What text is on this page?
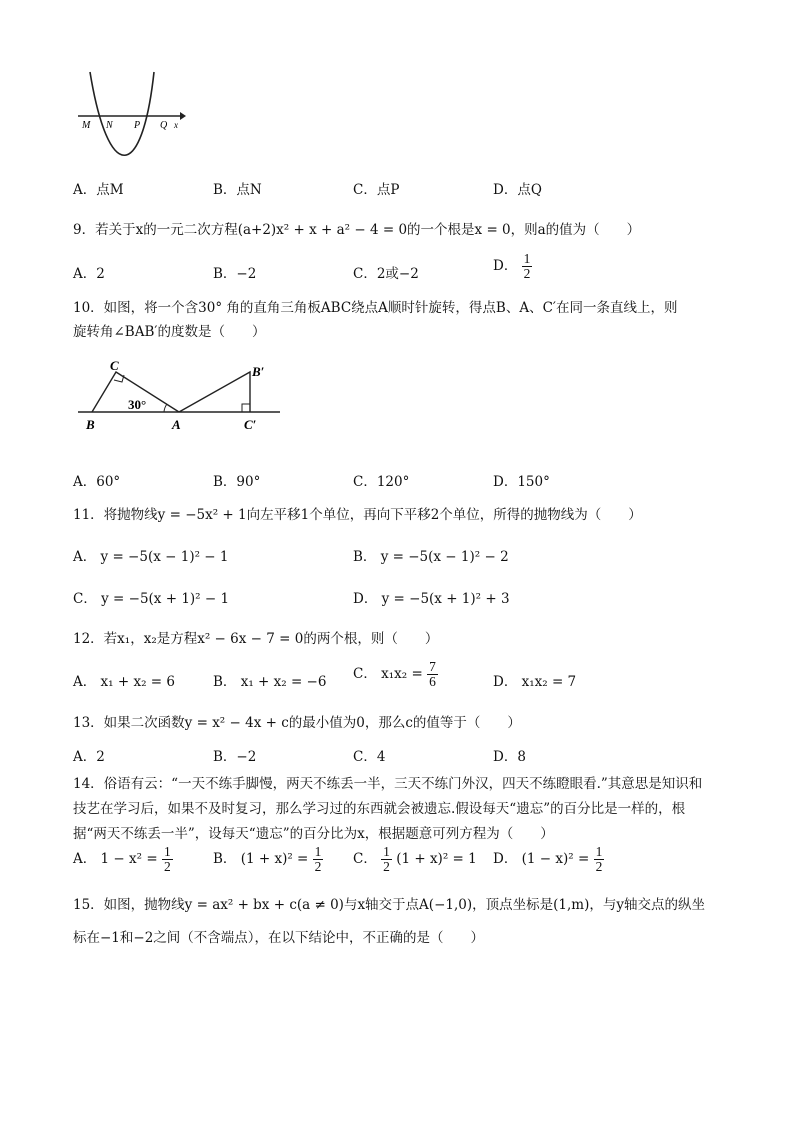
M N P Q x
A．点M	B．点N	C．点P	D．点Q
9．若关于x的一元二次方程(a+2)x² + x + a² − 4 = 0的一个根是x = 0，则a的值为（　　）
A．2	B．−2	C．2或−2	D． $\frac{1}{2}$
10．如图，将一个含30° 角的直角三角板ABC绕点A顺时针旋转，得点B、A、C′在同一条直线上，则
旋转角∠BAB′的度数是（　　）
C
30°
B	A
B′
C′
A．60°	B．90°	C．120°	D．150°
11．将抛物线y = −5x² + 1向左平移1个单位，再向下平移2个单位，所得的抛物线为（　　）
A． y = −5(x − 1)² − 1	B． y = −5(x − 1)² − 2
C． y = −5(x + 1)² − 1	D． y = −5(x + 1)² + 3
12．若x₁，x₂是方程x² − 6x − 7 = 0的两个根，则（　　）
A． x₁ + x₂ = 6	B． x₁ + x₂ = −6 C． $x_1x_2 = \frac{7}{6}$	D． x₁x₂ = 7
13．如果二次函数y = x² − 4x + c的最小值为0，那么c的值等于（　　）
A．2	B．−2	C．4	D．8
14．俗语有云：“一天不练手脚慢，两天不练丢一半，三天不练门外汉，四天不练瞪眼看.”其意思是知识和
技艺在学习后，如果不及时复习，那么学习过的东西就会被遗忘.假设每天“遗忘”的百分比是一样的，根
据“两天不练丢一半”，设每天“遗忘”的百分比为x，根据题意可列方程为（　　）
A． $1 - x^2 = \frac{1}{2}$	B． $(1 + x)^2 = \frac{1}{2}$ C． $\frac{1}{2} (1 + x)^2 = 1$ D． $(1 - x)^2 = \frac{1}{2}$
15．如图，抛物线y = ax² + bx + c(a ≠ 0)与x轴交于点A(−1,0)，顶点坐标是(1,m)，与y轴交点的纵坐
标在−1和−2之间（不含端点），在以下结论中，不正确的是（　　）
